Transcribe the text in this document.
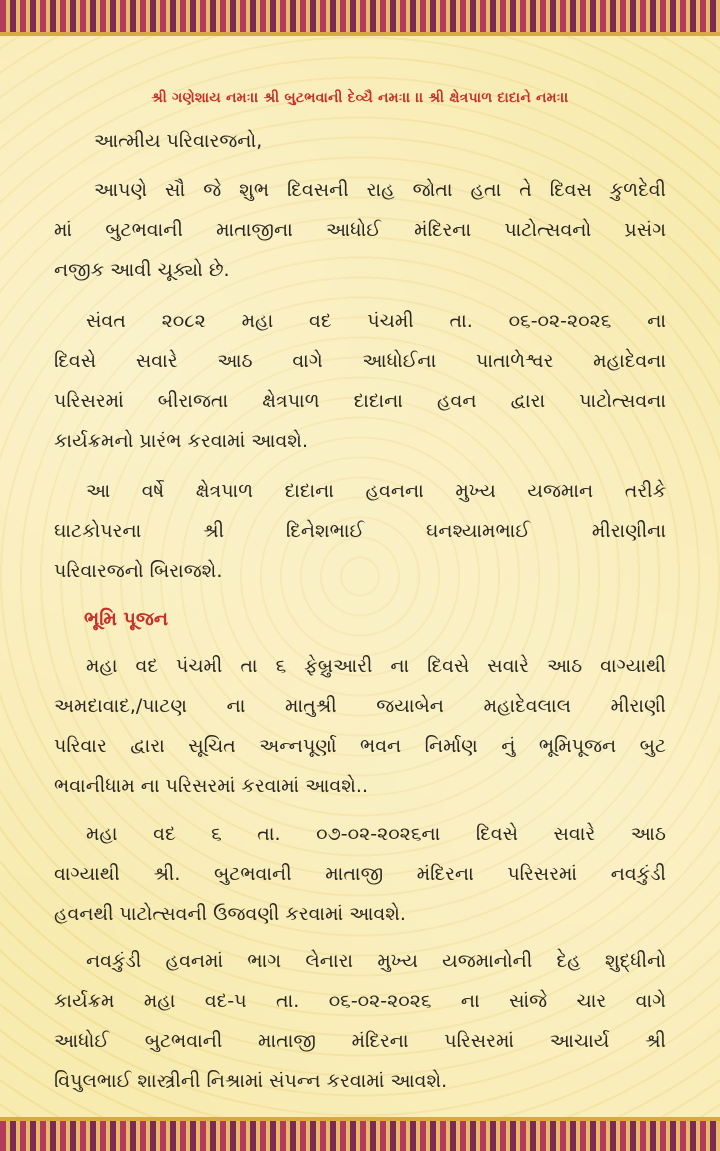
શ્રી ગણેશાય નમઃ।। શ્રી બુટભવાની દેવ્યૈ નમઃ।। ।। શ્રી ક્ષેત્રપાળ દાદાને નમઃ।।
આત્મીય પરિવારજનો,
આપણે સૌ જે શુભ દિવસની રાહ જોતા હતા તે દિવસ કુળદેવી
માં બુટભવાની માતાજીના આધોઈ મંદિરના પાટોત્સવનો પ્રસંગ
નજીક આવી ચૂક્યો છે.
સંવત ૨૦૮૨ મહા વદ પંચમી તા. ૦૬-૦૨-૨૦૨૬ ના
દિવસે સવારે આઠ વાગે આધોઈના પાતાળેશ્વર મહાદેવના
પરિસરમાં બીરાજતા ક્ષેત્રપાળ દાદાના હવન દ્વારા પાટોત્સવના
કાર્યક્રમનો પ્રારંભ કરવામાં આવશે.
આ વર્ષે ક્ષેત્રપાળ દાદાના હવનના મુખ્ય યજમાન તરીકે
ઘાટકોપરના શ્રી દિનેશભાઈ ઘનશ્યામભાઈ મીરાણીના
પરિવારજનો બિરાજશે.
ભૂમિ પૂજન
મહા વદ પંચમી તા ૬ ફેબ્રુઆરી ના દિવસે સવારે આઠ વાગ્યાથી
અમદાવાદ,/પાટણ ના માતુશ્રી જયાબેન મહાદેવલાલ મીરાણી
પરિવાર દ્વારા સૂચિત અન્નપૂર્ણા ભવન નિર્માણ નું ભૂમિપૂજન બુટ
ભવાનીધામ ના પરિસરમાં કરવામાં આવશે..
મહા વદ ૬ તા. ૦૭-૦૨-૨૦૨૬ના દિવસે સવારે આઠ
વાગ્યાથી શ્રી. બુટભવાની માતાજી મંદિરના પરિસરમાં નવકુંડી
હવનથી પાટોત્સવની ઉજવણી કરવામાં આવશે.
નવકુંડી હવનમાં ભાગ લેનારા મુખ્ય યજમાનોની દેહ શુદ્ધીનો
કાર્યક્રમ મહા વદ-૫ તા. ૦૬-૦૨-૨૦૨૬ ના સાંજે ચાર વાગે
આધોઈ બુટભવાની માતાજી મંદિરના પરિસરમાં આચાર્ય શ્રી
વિપુલભાઈ શાસ્ત્રીની નિશ્રામાં સંપન્ન કરવામાં આવશે.
